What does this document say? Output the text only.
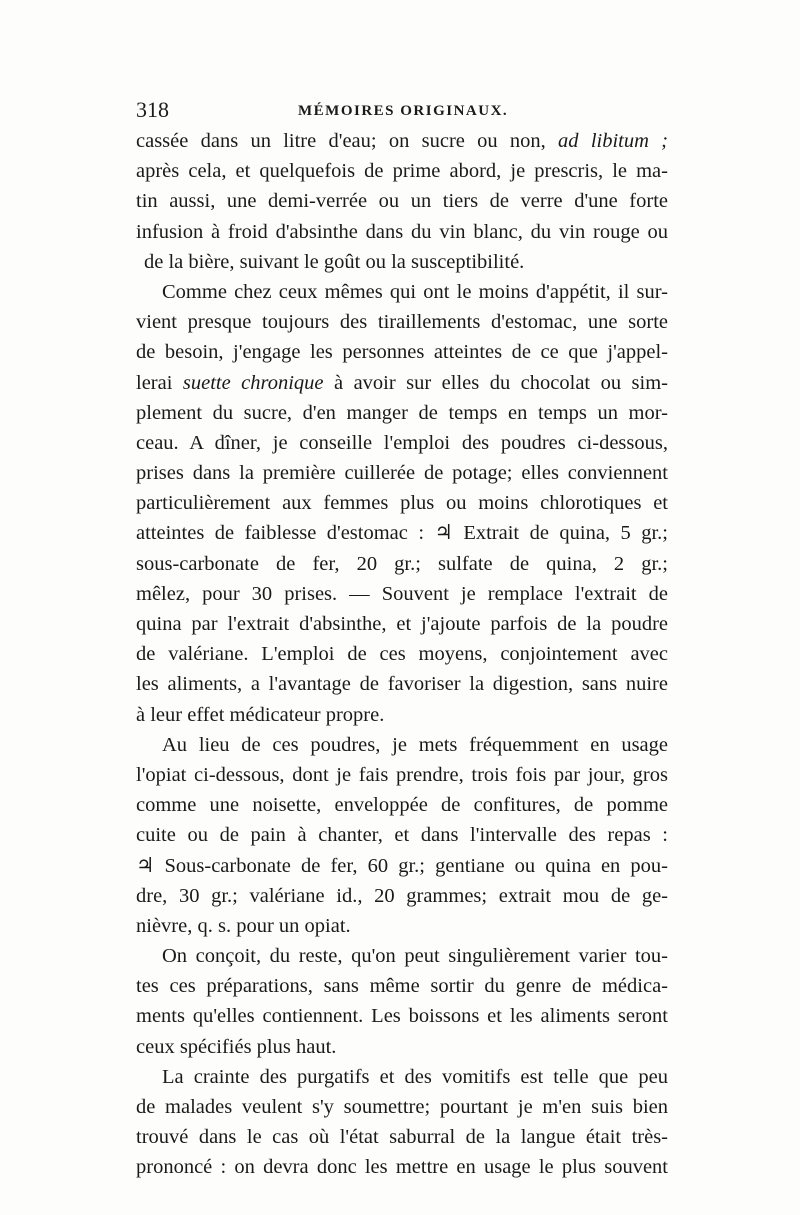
318	MÉMOIRES ORIGINAUX.
cassée dans un litre d'eau; on sucre ou non, ad libitum ;
après cela, et quelquefois de prime abord, je prescris, le ma-
tin aussi, une demi-verrée ou un tiers de verre d'une forte
infusion à froid d'absinthe dans du vin blanc, du vin rouge ou
de la bière, suivant le goût ou la susceptibilité.
Comme chez ceux mêmes qui ont le moins d'appétit, il sur-
vient presque toujours des tiraillements d'estomac, une sorte
de besoin, j'engage les personnes atteintes de ce que j'appel-
lerai suette chronique à avoir sur elles du chocolat ou sim-
plement du sucre, d'en manger de temps en temps un mor-
ceau. A dîner, je conseille l'emploi des poudres ci-dessous,
prises dans la première cuillerée de potage; elles conviennent
particulièrement aux femmes plus ou moins chlorotiques et
atteintes de faiblesse d'estomac : ♃ Extrait de quina, 5 gr.;
sous-carbonate de fer, 20 gr.; sulfate de quina, 2 gr.;
mêlez, pour 30 prises. — Souvent je remplace l'extrait de
quina par l'extrait d'absinthe, et j'ajoute parfois de la poudre
de valériane. L'emploi de ces moyens, conjointement avec
les aliments, a l'avantage de favoriser la digestion, sans nuire
à leur effet médicateur propre.
Au lieu de ces poudres, je mets fréquemment en usage
l'opiat ci-dessous, dont je fais prendre, trois fois par jour, gros
comme une noisette, enveloppée de confitures, de pomme
cuite ou de pain à chanter, et dans l'intervalle des repas :
♃ Sous-carbonate de fer, 60 gr.; gentiane ou quina en pou-
dre, 30 gr.; valériane id., 20 grammes; extrait mou de ge-
nièvre, q. s. pour un opiat.
On conçoit, du reste, qu'on peut singulièrement varier tou-
tes ces préparations, sans même sortir du genre de médica-
ments qu'elles contiennent. Les boissons et les aliments seront
ceux spécifiés plus haut.
La crainte des purgatifs et des vomitifs est telle que peu
de malades veulent s'y soumettre; pourtant je m'en suis bien
trouvé dans le cas où l'état saburral de la langue était très-
prononcé : on devra donc les mettre en usage le plus souvent
